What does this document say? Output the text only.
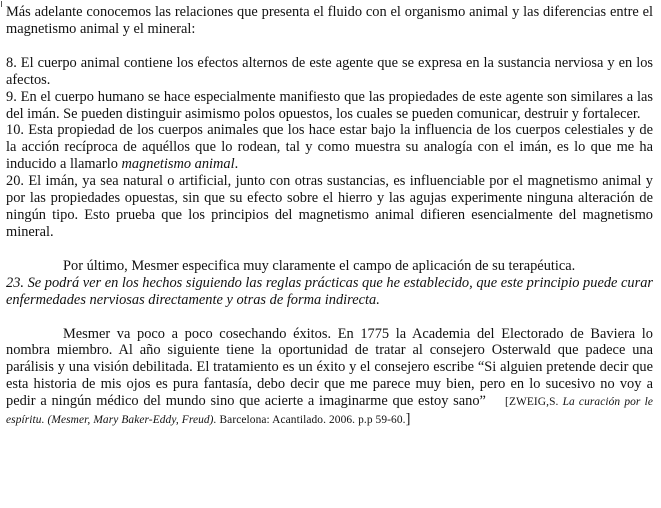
Más adelante conocemos las relaciones que presenta el fluido con el organismo animal y las diferencias entre el magnetismo animal y el mineral:

8. El cuerpo animal contiene los efectos alternos de este agente que se expresa en la sustancia nerviosa y en los afectos.

9. En el cuerpo humano se hace especialmente manifiesto que las propiedades de este agente son similares a las del imán. Se pueden distinguir asimismo polos opuestos, los cuales se pueden comunicar, destruir y fortalecer.

10. Esta propiedad de los cuerpos animales que los hace estar bajo la influencia de los cuerpos celestiales y de la acción recíproca de aquéllos que lo rodean, tal y como muestra su analogía con el imán, es lo que me ha inducido a llamarlo magnetismo animal.

20. El imán, ya sea natural o artificial, junto con otras sustancias, es influenciable por el magnetismo animal y por las propiedades opuestas, sin que su efecto sobre el hierro y las agujas experimente ninguna alteración de ningún tipo. Esto prueba que los principios del magnetismo animal difieren esencialmente del magnetismo mineral.

Por último, Mesmer especifica muy claramente el campo de aplicación de su terapéutica.

23. Se podrá ver en los hechos siguiendo las reglas prácticas que he establecido, que este principio puede curar enfermedades nerviosas directamente y otras de forma indirecta.

Mesmer va poco a poco cosechando éxitos. En 1775 la Academia del Electorado de Baviera lo nombra miembro. Al año siguiente tiene la oportunidad de tratar al consejero Osterwald que padece una parálisis y una visión debilitada. El tratamiento es un éxito y el consejero escribe “Si alguien pretende decir que esta historia de mis ojos es pura fantasía, debo decir que me parece muy bien, pero en lo sucesivo no voy a pedir a ningún médico del mundo sino que acierte a imaginarme que estoy sano” [ZWEIG,S. La curación por le espíritu. (Mesmer, Mary Baker-Eddy, Freud). Barcelona: Acantilado. 2006. p.p 59-60.]
